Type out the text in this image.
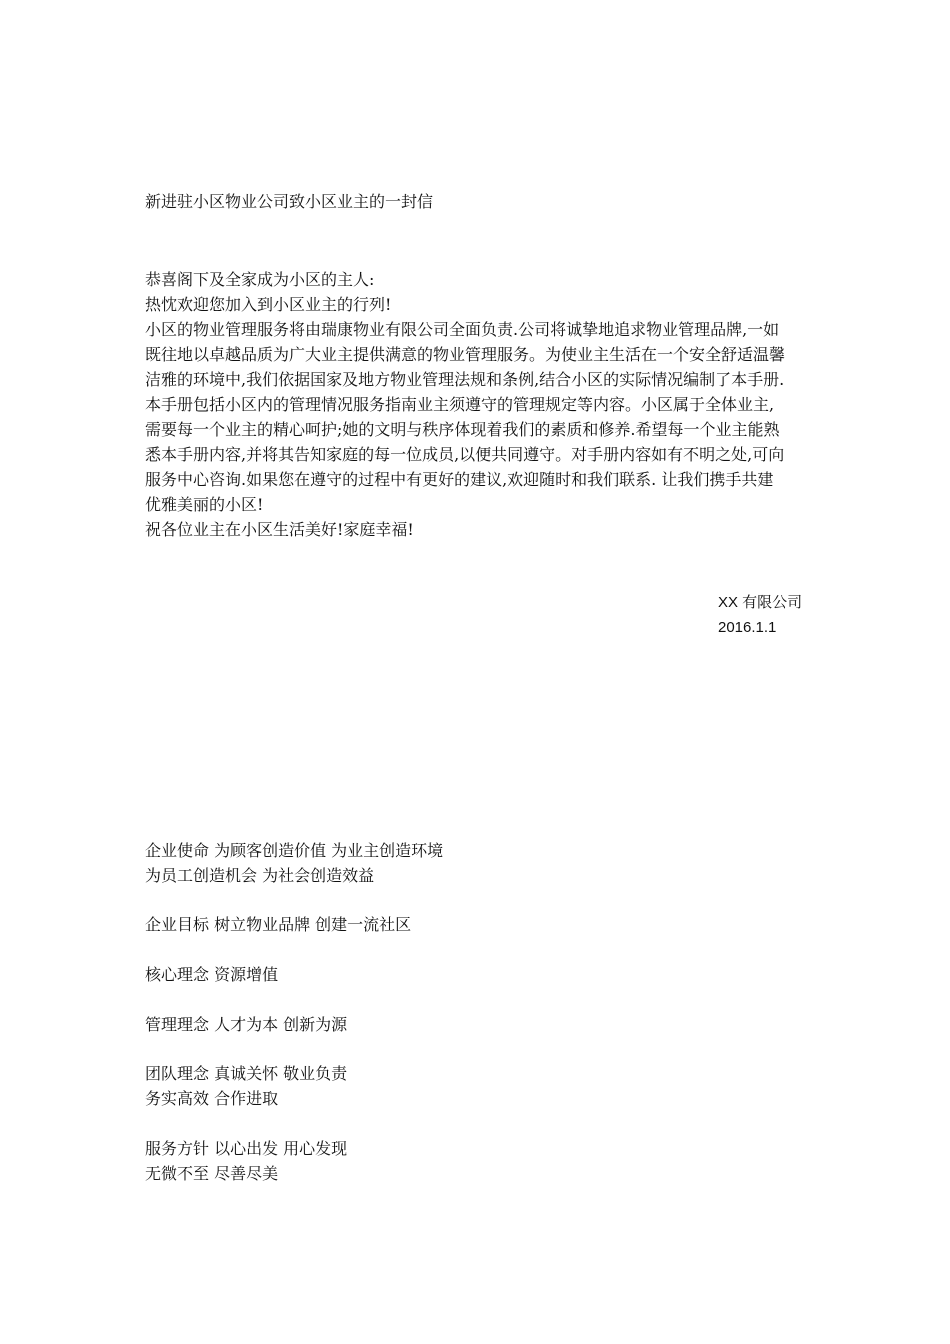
新进驻小区物业公司致小区业主的一封信

恭喜阁下及全家成为小区的主人:

热忱欢迎您加入到小区业主的行列!

小区的物业管理服务将由瑞康物业有限公司全面负责.公司将诚挚地追求物业管理品牌,一如

既往地以卓越品质为广大业主提供满意的物业管理服务。为使业主生活在一个安全舒适温馨

洁雅的环境中,我们依据国家及地方物业管理法规和条例,结合小区的实际情况编制了本手册.

本手册包括小区内的管理情况服务指南业主须遵守的管理规定等内容。小区属于全体业主,

需要每一个业主的精心呵护;她的文明与秩序体现着我们的素质和修养.希望每一个业主能熟

悉本手册内容,并将其告知家庭的每一位成员,以便共同遵守。对手册内容如有不明之处,可向

服务中心咨询.如果您在遵守的过程中有更好的建议,欢迎随时和我们联系. 让我们携手共建

优雅美丽的小区!

祝各位业主在小区生活美好!家庭幸福!

XX 有限公司
2016.1.1

企业使命 为顾客创造价值 为业主创造环境

为员工创造机会 为社会创造效益

企业目标 树立物业品牌 创建一流社区

核心理念 资源增值

管理理念 人才为本 创新为源

团队理念 真诚关怀 敬业负责

务实高效 合作进取

服务方针 以心出发 用心发现

无微不至 尽善尽美
